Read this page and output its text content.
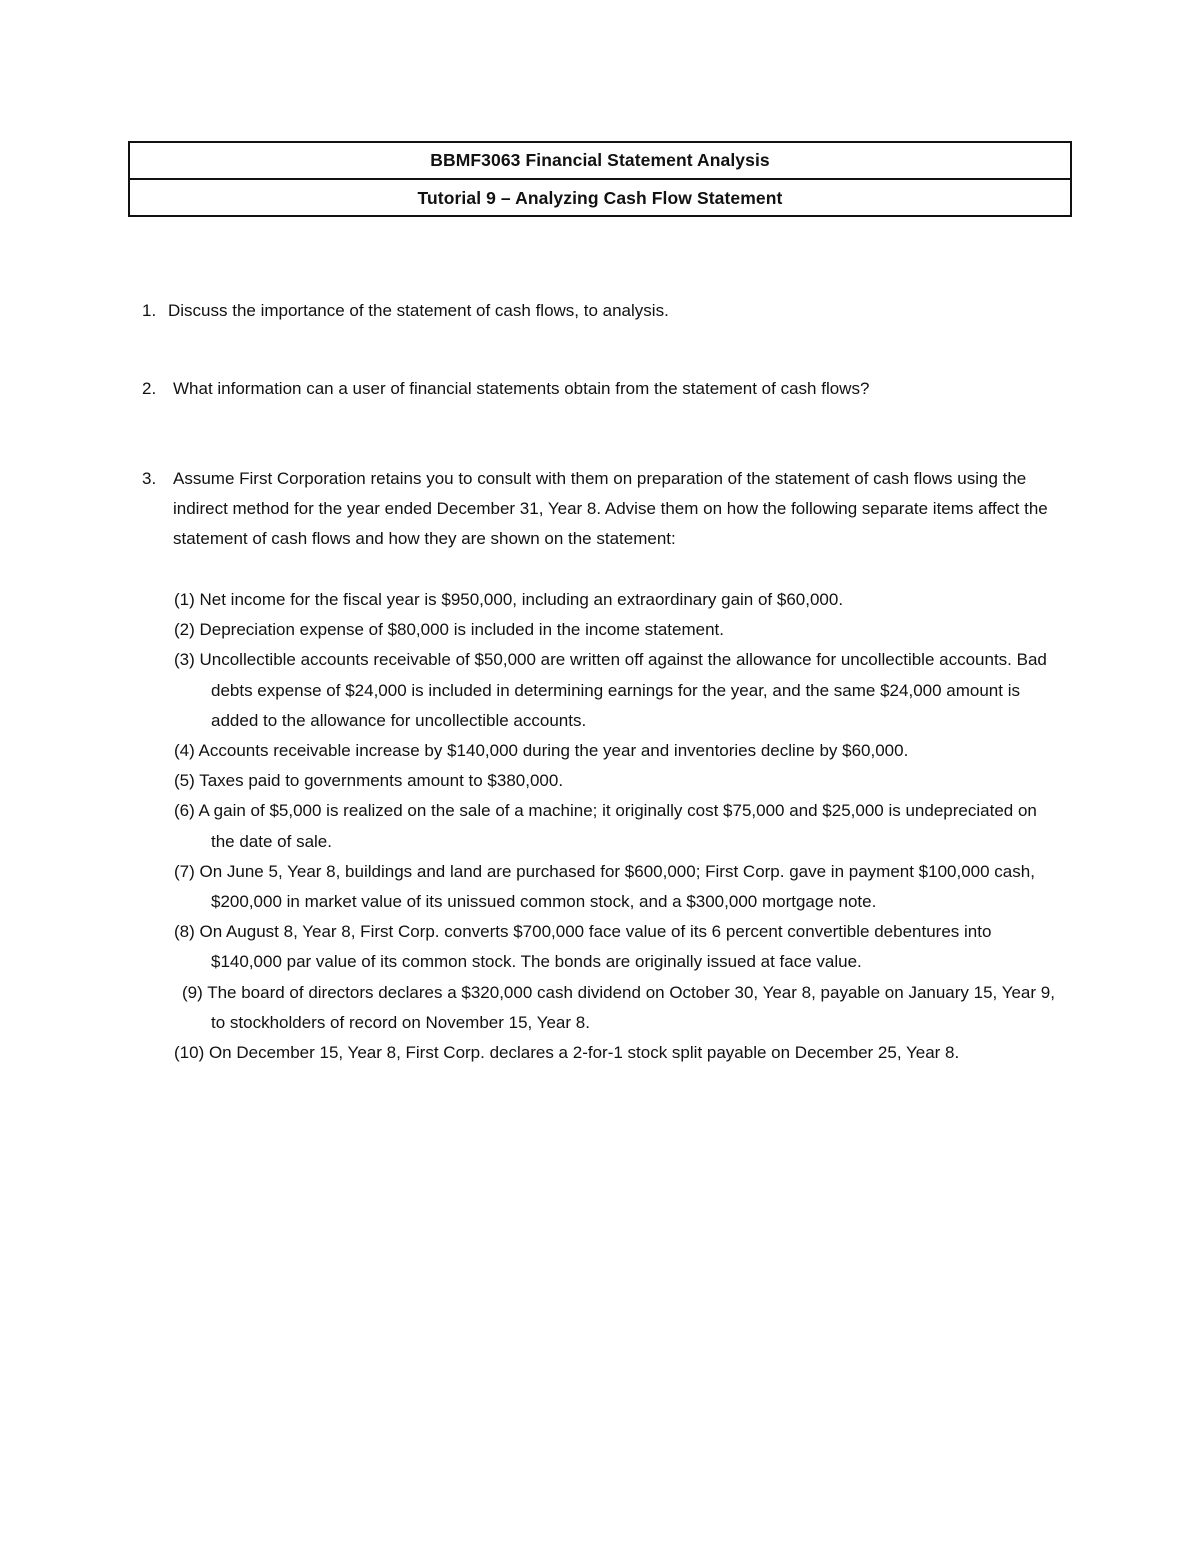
BBMF3063 Financial Statement Analysis
Tutorial 9 – Analyzing Cash Flow Statement
1. Discuss the importance of the statement of cash flows, to analysis.
2. What information can a user of financial statements obtain from the statement of cash flows?
3. Assume First Corporation retains you to consult with them on preparation of the statement of cash flows using the indirect method for the year ended December 31, Year 8. Advise them on how the following separate items affect the statement of cash flows and how they are shown on the statement:
(1) Net income for the fiscal year is $950,000, including an extraordinary gain of $60,000.
(2) Depreciation expense of $80,000 is included in the income statement.
(3) Uncollectible accounts receivable of $50,000 are written off against the allowance for uncollectible accounts. Bad debts expense of $24,000 is included in determining earnings for the year, and the same $24,000 amount is added to the allowance for uncollectible accounts.
(4) Accounts receivable increase by $140,000 during the year and inventories decline by $60,000.
(5) Taxes paid to governments amount to $380,000.
(6) A gain of $5,000 is realized on the sale of a machine; it originally cost $75,000 and $25,000 is undepreciated on the date of sale.
(7) On June 5, Year 8, buildings and land are purchased for $600,000; First Corp. gave in payment $100,000 cash, $200,000 in market value of its unissued common stock, and a $300,000 mortgage note.
(8) On August 8, Year 8, First Corp. converts $700,000 face value of its 6 percent convertible debentures into $140,000 par value of its common stock. The bonds are originally issued at face value.
(9) The board of directors declares a $320,000 cash dividend on October 30, Year 8, payable on January 15, Year 9, to stockholders of record on November 15, Year 8.
(10) On December 15, Year 8, First Corp. declares a 2-for-1 stock split payable on December 25, Year 8.
